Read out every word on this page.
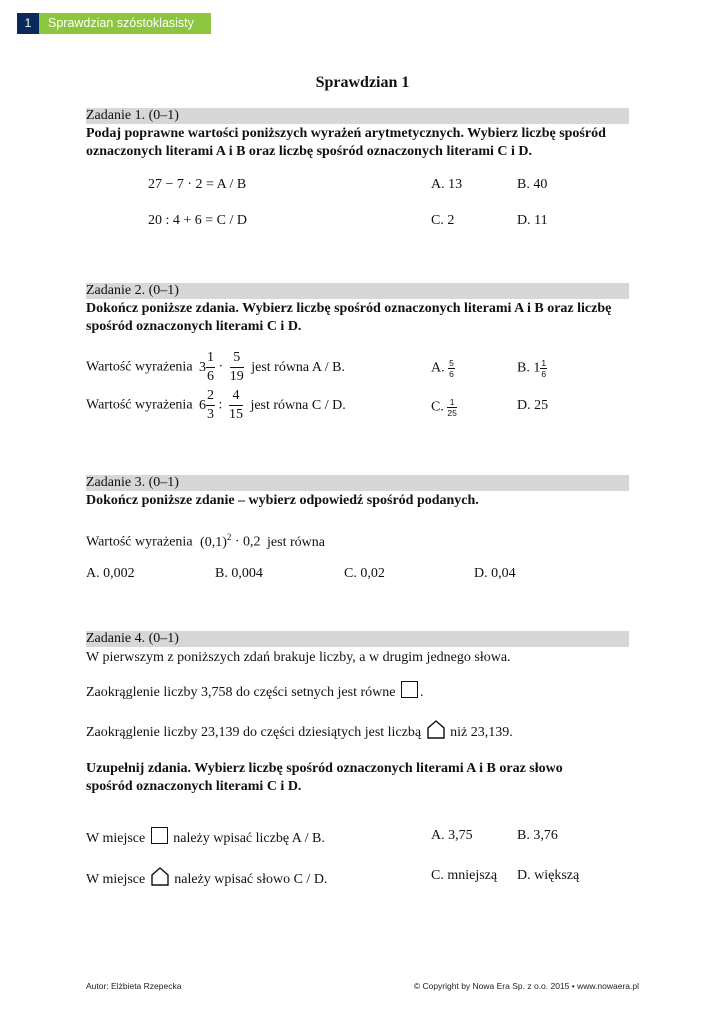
1	Sprawdzian szóstoklasisty
Sprawdzian 1
Zadanie 1. (0–1)
Podaj poprawne wartości poniższych wyrażeń arytmetycznych. Wybierz liczbę spośród
oznaczonych literami A i B oraz liczbę spośród oznaczonych literami C i D.
27 − 7 · 2 = A / B	A. 13	B. 40
20 : 4 + 6 = C / D	C. 2	D. 11
Zadanie 2. (0–1)
Dokończ poniższe zdania. Wybierz liczbę spośród oznaczonych literami A i B oraz liczbę
spośród oznaczonych literami C i D.
Wartość wyrażenia $3 \frac{1}{6} \cdot \frac{5}{19}$ jest równa A / B.	A. $\frac{5}{6}$	B. $1 \frac{1}{6}$
Wartość wyrażenia $6 \frac{2}{3}$ : $\frac{4}{15}$ jest równa C / D.	C. $\frac{1}{25}$	D. 25
Zadanie 3. (0–1)
Dokończ poniższe zdanie – wybierz odpowiedź spośród podanych.
Wartość wyrażenia $(0,1)^2 \cdot 0,2$ jest równa
A. 0,002	B. 0,004	C. 0,02	D. 0,04
Zadanie 4. (0–1)
W pierwszym z poniższych zdań brakuje liczby, a w drugim jednego słowa.
Zaokrąglenie liczby 3,758 do części setnych jest równe .
Zaokrąglenie liczby 23,139 do części dziesiątych jest liczbą niż 23,139.
Uzupełnij zdania. Wybierz liczbę spośród oznaczonych literami A i B oraz słowo
spośród oznaczonych literami C i D.
W miejsce należy wpisać liczbę A / B.	A. 3,75	B. 3,76
W miejsce należy wpisać słowo C / D.	C. mniejszą D. większą
Autor: Elżbieta Rzepecka	© Copyright by Nowa Era Sp. z o.o. 2015 • www.nowaera.pl
